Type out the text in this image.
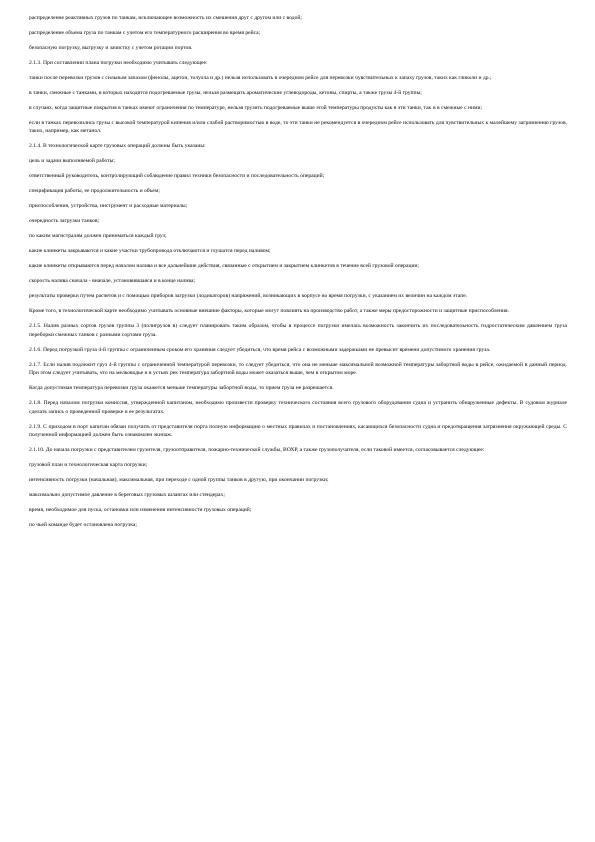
распределение реактивных грузов по танкам, исключающее возможность их смешения друг с другом или с водой;

распределение объема груза по танкам с учетом его температурного расширения во время рейса;

безопасную погрузку, выгрузку и зачистку с учетом ротации портов.

2.1.3. При составлении плана погрузки необходимо учитывать следующее:

танки после перевозки грузов с сильным запахом (фенолы, ацетон, толуола и др.) нельзя использовать в очередном рейсе для перевозки чувствительных к запаху грузов, таких как гликоли и др.;

в танки, смежные с танками, в которых находятся подогреваемые грузы, нельзя размещать ароматические углеводороды, кетоны, спирты, а также грузы 4-й группы;

в случаях, когда защитные покрытия в танках имеют ограничения по температуре, нельзя грузить подогреваемые выше этой температуры продукты как в эти танки, так и в смежные с ними;

если в танках перевозились грузы с высокой температурой кипения и/или слабой растворимостью в воде, то эти танки не рекомендуется в очередном рейсе использовать для чувствительных к малейшему загрязнению грузов, таких, например, как метанол.

2.1.4. В технологической карте грузовых операций должны быть указаны:

цель и задачи выполняемой работы;

ответственный руководитель, контролирующий соблюдение правил техники безопасности и последовательность операций;

спецификация работы, ее продолжительность и объем;

приспособления, устройства, инструмент и расходные материалы;

очередность загрузки танков;

по каким магистралям должен приниматься каждый груз;

какие клинкеты закрываются и какие участки трубопровода отключаются и глушатся перед наливом;

какие клинкеты открываются перед началом налива и все дальнейшие действия, связанные с открытием и закрытием клинкетов в течение всей грузовой операции;

скорость налива сначала - вначале, установившаяся и в конце налива;

результаты проверки путем расчетов и с помощью приборов загрузки (лодикаторов) напряжений, возникающих в корпусе во время погрузки, с указанием их величин на каждом этапе.

Кроме того, в технологической карте необходимо учитывать основные внешние факторы, которые могут повлиять на производство работ, а также меры предосторожности и защитные приспособления.

2.1.5. Налив разных сортов грузов группы 3 (полигрузов в) следует планировать таким образом, чтобы в процессе погрузки имелась возможность закончить их последовательность гидростатическим давлением груза переборки смежных танков с разными сортами груза.

2.1.6. Перед погрузкой груза 4-й группы с ограниченным сроком его хранения следует убедиться, что время рейса с возможными задержками не превысит времени допустимого хранения груза.

2.1.7. Если налив подлежит груз 4-й группы с ограниченной температурой перевозки, то следует убедиться, что она не меньше максимальной возможной температуры забортной воды в рейсе, ожидаемой в данный период. При этом следует учитывать, что на мелководье и в устьях рек температура забортной воды может оказаться выше, чем в открытом море.

Когда допустимая температура перевозки груза окажется меньше температуры забортной воды, то прием груза не разрешается.

2.1.8. Перед началом погрузки комиссия, утвержденной капитаном, необходимо произвести проверку технического состояния всего грузового оборудования судна и устранить обнаруженные дефекты. В судовом журнале сделать запись о проведенной проверке и ее результатах.

2.1.9. С приходом в порт капитан обязан получить от представителя порта полную информацию о местных правилах и постановлениях, касающихся безопасности судна и предотвращения загрязнения окружающей среды. С полученной информацией должен быть ознакомлен экипаж.

2.1.10. До начала погрузки с представителем грузителя, грузоотправителя, пожарно-технической службы, ВОХР, а также грузополучателя, если таковой имеется, согласовывается следующее:

грузовой план и технологическая карта погрузки;

интенсивность погрузки (начальная), максимальная, при переходе с одной группы танков в другую, при окончании погрузки;

максимально допустимое давление в береговых грузовых шлангах или стендерах;

время, необходимое для пуска, остановки или изменения интенсивности грузовых операций;

по чьей команде будет остановлена погрузка;
